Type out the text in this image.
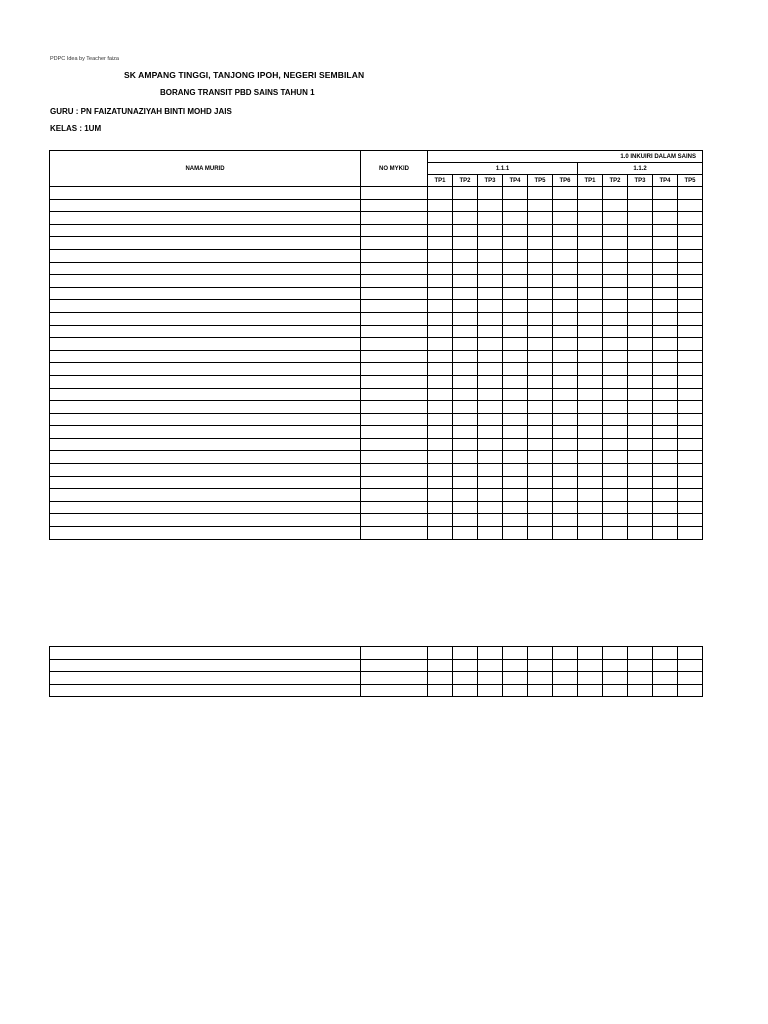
PDPC Idea by Teacher faiza
SK AMPANG TINGGI, TANJONG IPOH, NEGERI SEMBILAN
BORANG TRANSIT PBD SAINS TAHUN 1
GURU : PN FAIZATUNAZIYAH BINTI MOHD JAIS
KELAS : 1UM
NAMA MURID	NO MYKID	1.0 INKUIRI DALAM SAINS										
		1.1.1						1.1.2				
		TP1	TP2	TP3	TP4	TP5	TP6	TP1	TP2	TP3	TP4	TP5
